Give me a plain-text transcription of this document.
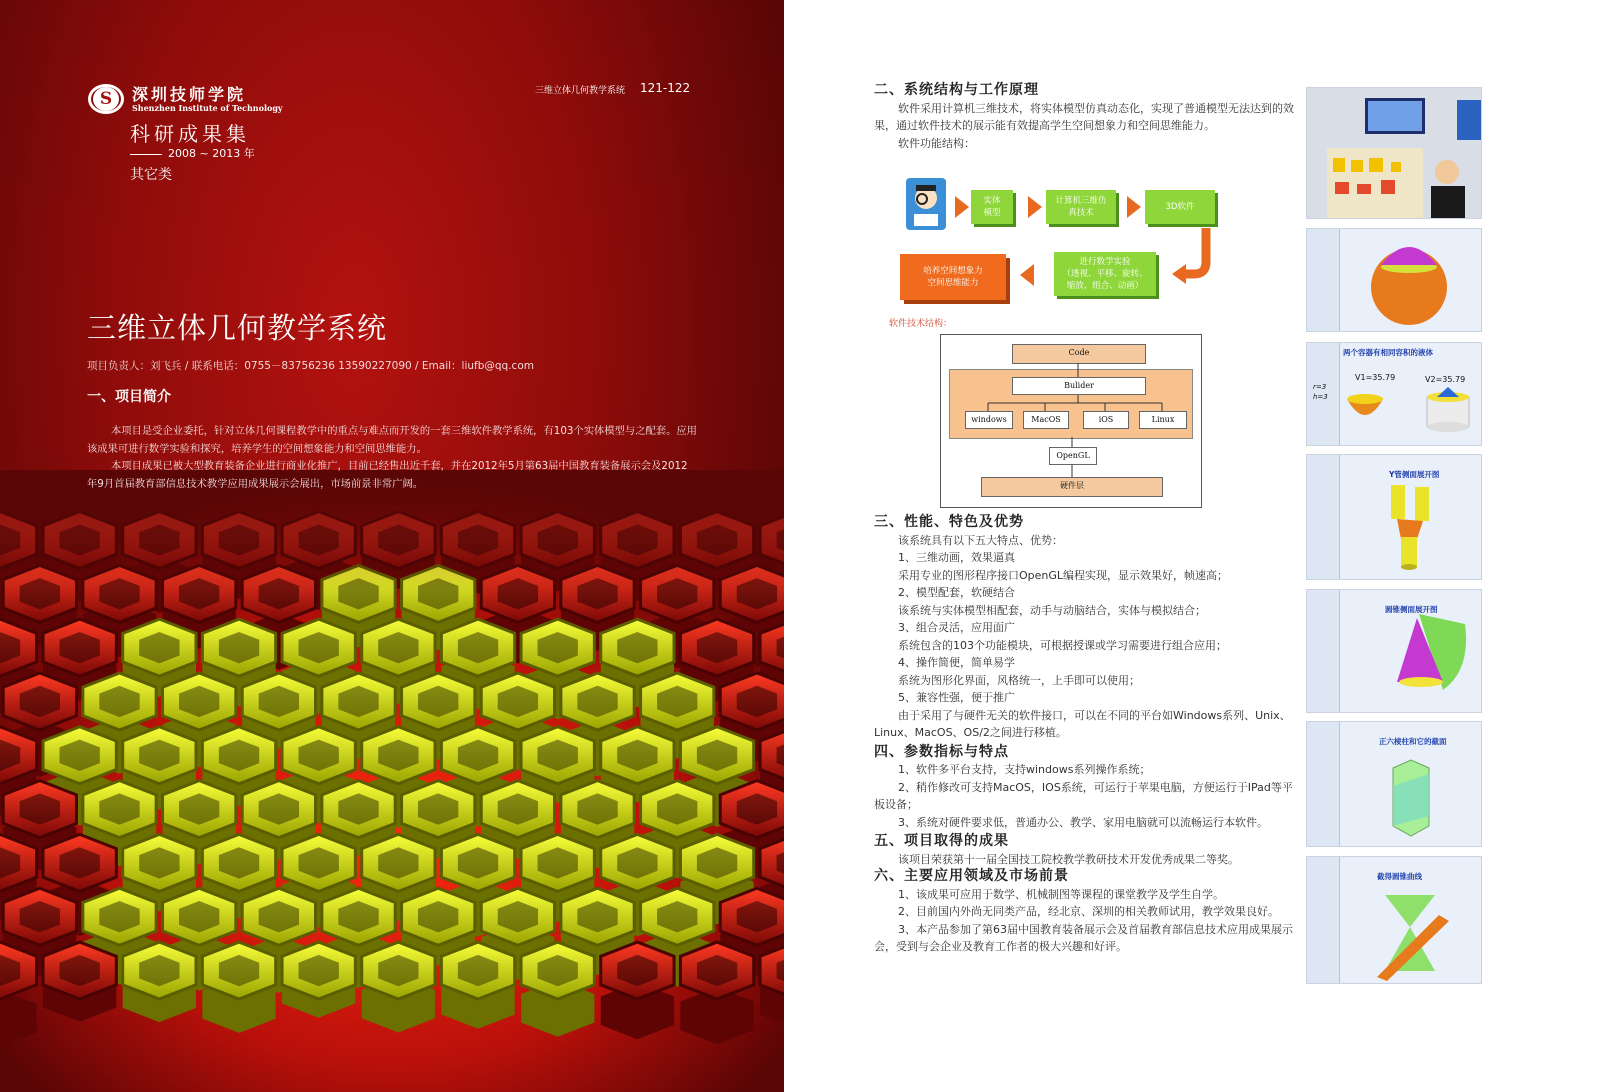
S	深圳技师学院
Shenzhen Institute of Technology
科研成果集
2008 ~ 2013 年
其它类
三维立体几何教学系统 121-122
三维立体几何教学系统
项目负责人：刘飞兵 / 联系电话：0755－83756236 13590227090 / Email：liufb@qq.com
一、项目简介

本项目是受企业委托，针对立体几何课程教学中的重点与难点而开发的一套三维软件教学系统，有103个实体模型与之配套。应用该成果可进行数学实验和探究，培养学生的空间想象能力和空间思维能力。

本项目成果已被大型教育装备企业进行商业化推广，目前已经售出近千套，并在2012年5月第63届中国教育装备展示会及2012年9月首届教育部信息技术教学应用成果展示会展出，市场前景非常广阔。

二、系统结构与工作原理

软件采用计算机三维技术，将实体模型仿真动态化，实现了普通模型无法达到的效果，通过软件技术的展示能有效提高学生空间想象力和空间思维能力。

软件功能结构：

实体
模型
计算机三维仿
真技术
3D软件
进行数学实验
（透视、平移、旋转、
缩放、组合、动画）
培养空间想象力
空间思维能力
软件技术结构：
Code
Bulider
windows	MacOS	iOS	Linux
OpenGL
硬件层
三、性能、特色及优势

该系统具有以下五大特点、优势：

1、三维动画，效果逼真

采用专业的图形程序接口OpenGL编程实现，显示效果好，帧速高；

2、模型配套，软硬结合

该系统与实体模型相配套，动手与动脑结合，实体与模拟结合；

3、组合灵活，应用面广

系统包含的103个功能模块，可根据授课或学习需要进行组合应用；

4、操作简便，简单易学

系统为图形化界面，风格统一，上手即可以使用；

5、兼容性强，便于推广

由于采用了与硬件无关的软件接口，可以在不同的平台如Windows系列、Unix、Linux、MacOS、OS/2之间进行移植。

四、参数指标与特点

1、软件多平台支持，支持windows系列操作系统；

2、稍作修改可支持MacOS，IOS系统，可运行于苹果电脑，方便运行于IPad等平板设备；

3、系统对硬件要求低，普通办公、教学、家用电脑就可以流畅运行本软件。

五、项目取得的成果

该项目荣获第十一届全国技工院校教学教研技术开发优秀成果二等奖。

六、主要应用领域及市场前景

1、该成果可应用于数学、机械制图等课程的课堂教学及学生自学。

2、目前国内外尚无同类产品，经北京、深圳的相关教师试用，教学效果良好。

3、本产品参加了第63届中国教育装备展示会及首届教育部信息技术应用成果展示会，受到与会企业及教育工作者的极大兴趣和好评。

两个容器有相同容积的液体
V1=35.79	V2=35.79
r=3
h=3
Y管侧面展开图
圆锥侧面展开图
正六棱柱和它的截面
截得圆锥曲线
